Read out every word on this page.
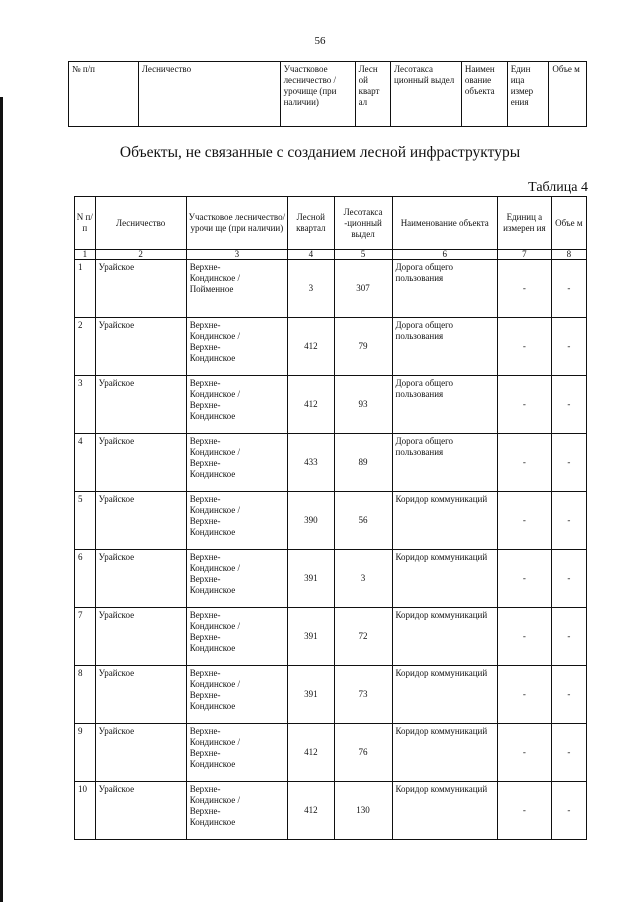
56
№ п/п	Лесничество	Участковое лесничество /урочище (при наличии)	Лесн ой кварт ал	Лесотакса ционный выдел	Наимен ование объекта	Един ица измер ения	Объе м
Объекты, не связанные с созданием лесной инфраструктуры
Таблица 4
N п/ п	Лесничество	Участковое лесничество/урочи ще (при наличии)	Лесной квартал	Лесотакса -ционный выдел	Наименование объекта	Единиц а измерен ия	Объе м
1	2	3	4	5	6	7	8
1	Урайское	Верхне-
Кондинское /
Пойменное	3	307	Дорога общего пользования	-	-
2	Урайское	Верхне-
Кондинское /
Верхне-
Кондинское	412	79	Дорога общего пользования	-	-
3	Урайское	Верхне-
Кондинское /
Верхне-
Кондинское	412	93	Дорога общего пользования	-	-
4	Урайское	Верхне-
Кондинское /
Верхне-
Кондинское	433	89	Дорога общего пользования	-	-
5	Урайское	Верхне-
Кондинское /
Верхне-
Кондинское	390	56	Коридор коммуникаций	-	-
6	Урайское	Верхне-
Кондинское /
Верхне-
Кондинское	391	3	Коридор коммуникаций	-	-
7	Урайское	Верхне-
Кондинское /
Верхне-
Кондинское	391	72	Коридор коммуникаций	-	-
8	Урайское	Верхне-
Кондинское /
Верхне-
Кондинское	391	73	Коридор коммуникаций	-	-
9	Урайское	Верхне-
Кондинское /
Верхне-
Кондинское	412	76	Коридор коммуникаций	-	-
10	Урайское	Верхне-
Кондинское /
Верхне-
Кондинское	412	130	Коридор коммуникаций	-	-
